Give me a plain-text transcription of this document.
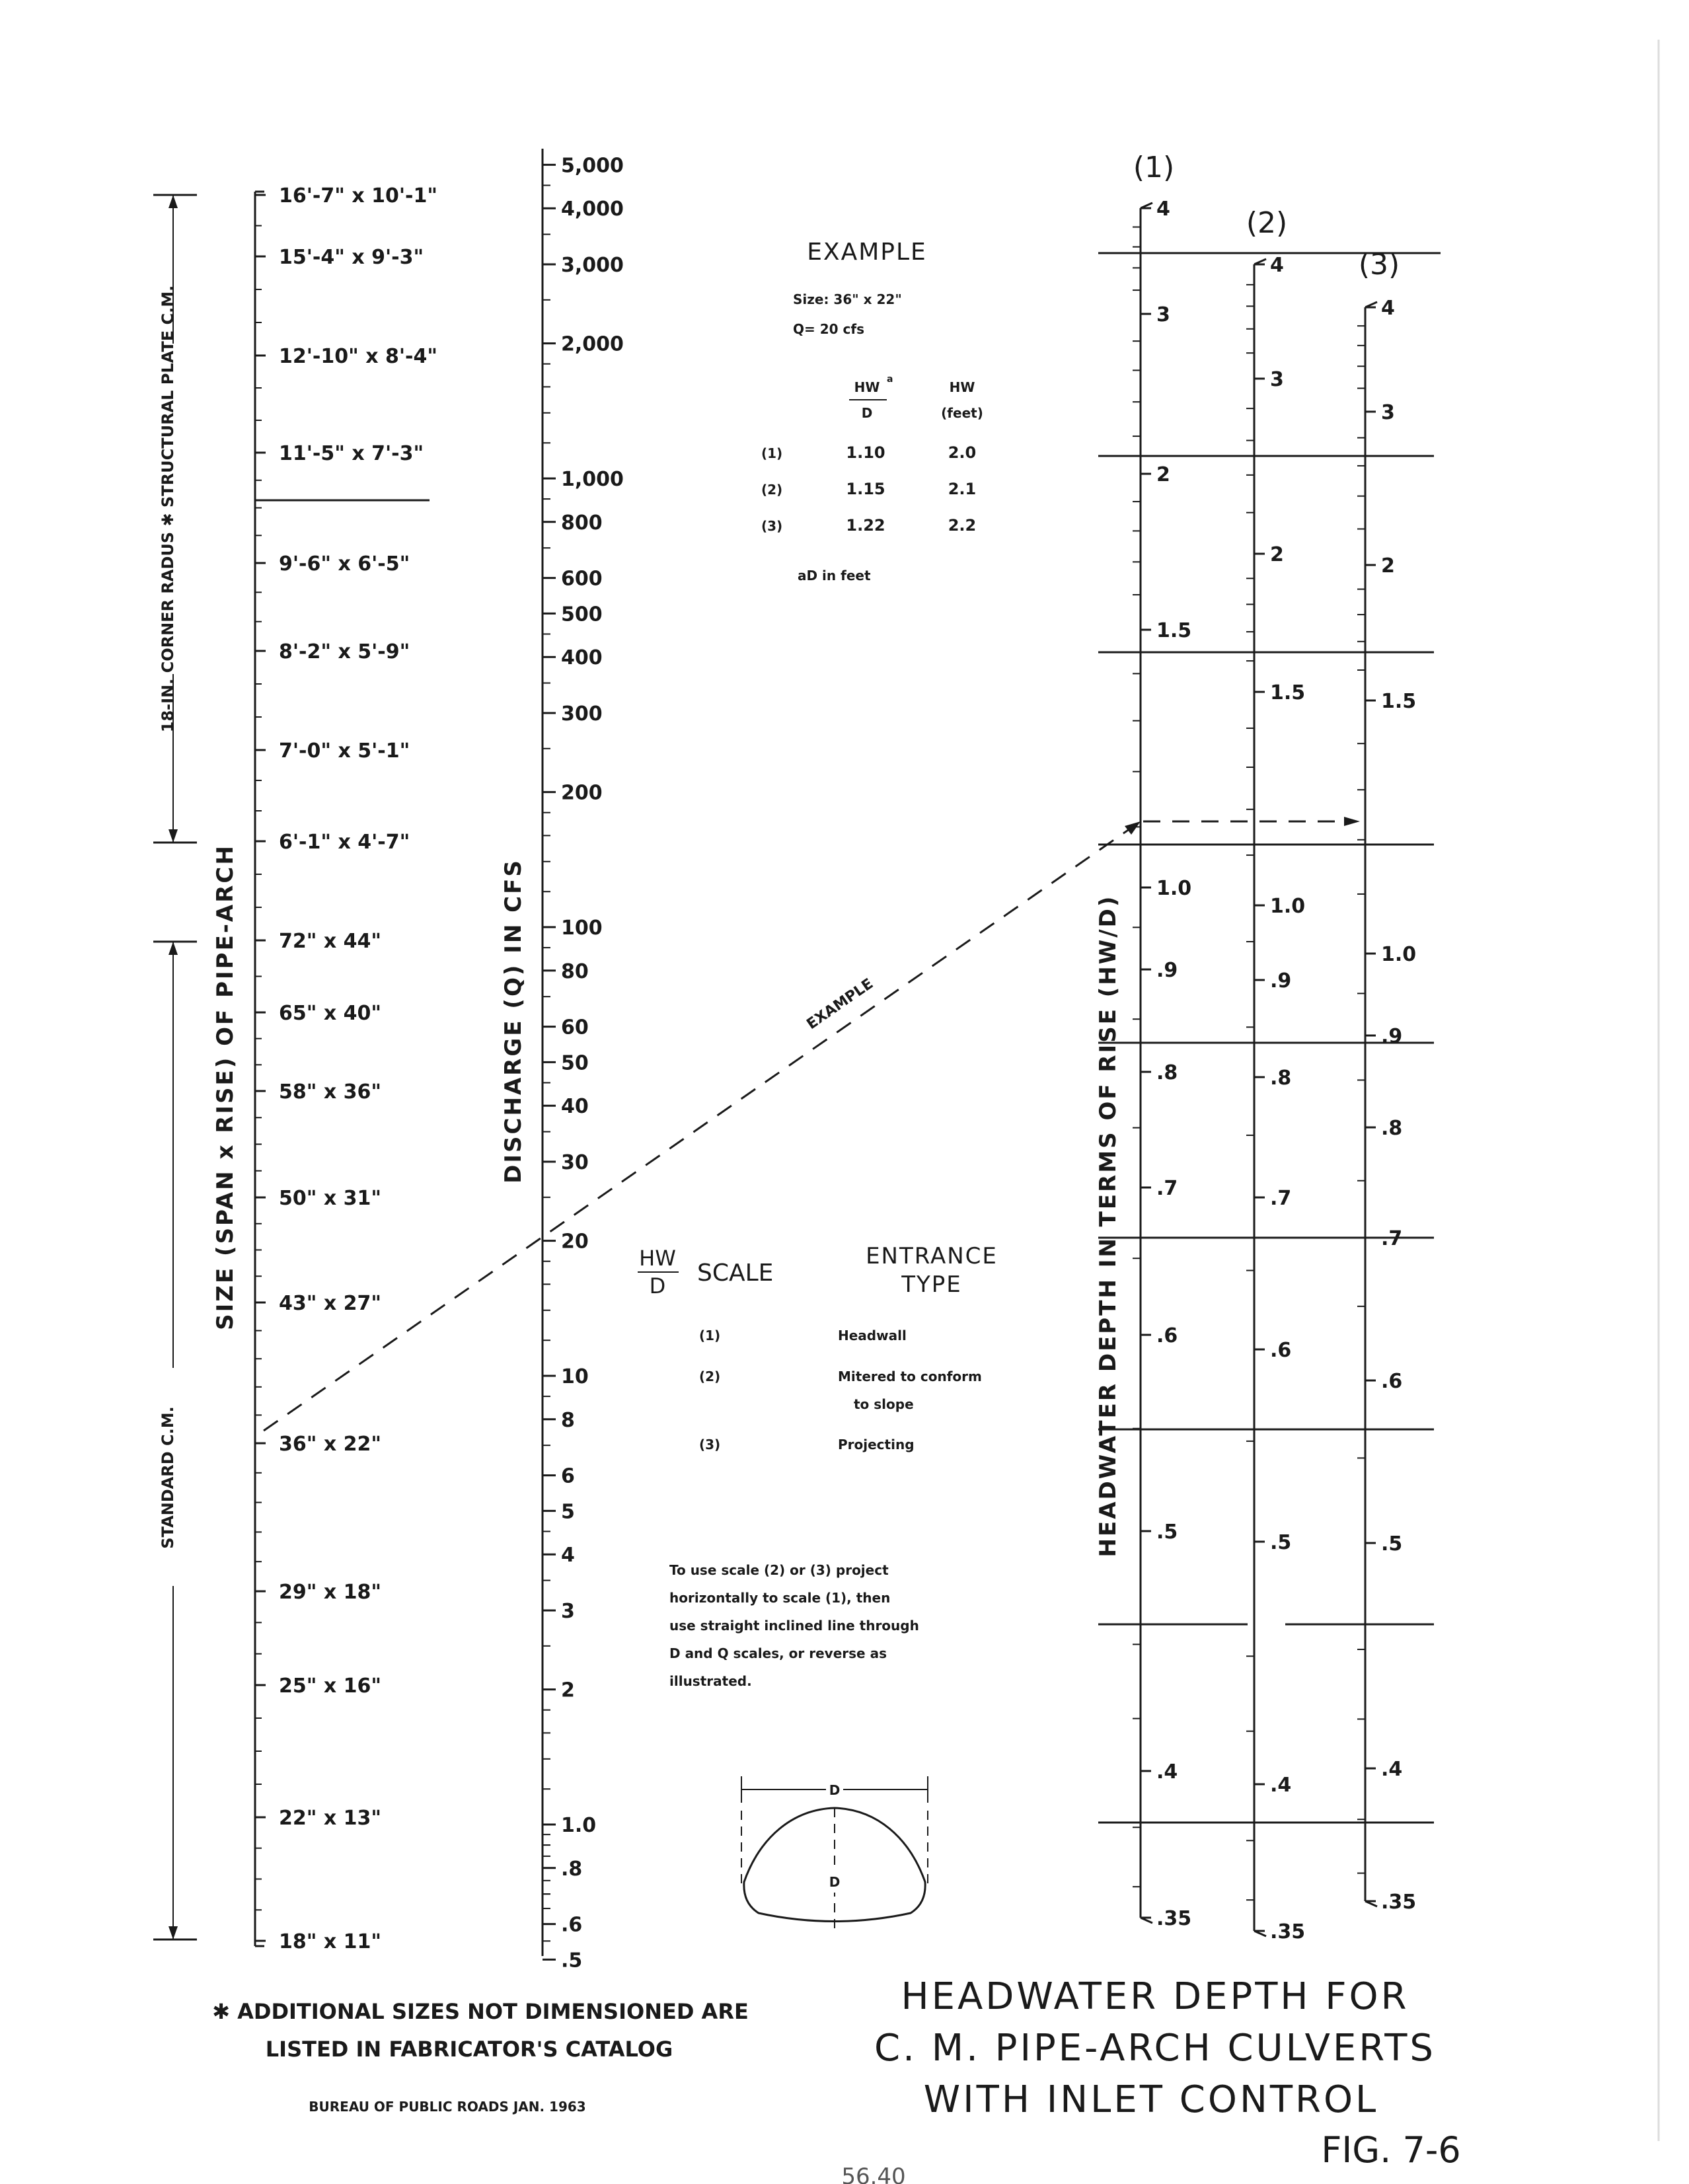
16'-7" x 10'-1"
15'-4" x 9'-3"
12'-10" x 8'-4"
11'-5" x 7'-3"
9'-6" x 6'-5"
8'-2" x 5'-9"
7'-0" x 5'-1"
6'-1" x 4'-7"
72" x 44"
65" x 40"
58" x 36"
50" x 31"
43" x 27"
36" x 22"
29" x 18"
25" x 16"
22" x 13"
18" x 11"
SIZE (SPAN x RISE) OF PIPE-ARCH
18-IN. CORNER RADUS ✱ STRUCTURAL PLATE C.M.
STANDARD C.M.
5,000
4,000
3,000
2,000
1,000
800
600
500
400
300
200
100
80
60
50
40
30
20
10
8
6
5
4
3
2
1.0
.8
.6
.5
DISCHARGE (Q) IN CFS
4
3
2
1.5
1.0
.9
.8
.7
.6
.5
.4
.35
4
3
2
1.5
1.0
.9
.8
.7
.6
.5
.4
.35
4
3
2
1.5
1.0
.9
.8
.7
.6
.5
.4
.35
(1)
(2)
(3)
HEADWATER DEPTH IN TERMS OF RISE (HW/D)
EXAMPLE
EXAMPLE
Size: 36" x 22"
Q= 20 cfs
HW a
D
HW
(feet)
(1)	1.10	2.0
(2)	1.15	2.1
(3)	1.22	2.2
aD in feet
HW
D SCALE
ENTRANCE
TYPE
(1)	Headwall
(2)	Mitered to conform
to slope
(3)	Projecting
To use scale (2) or (3) project
horizontally to scale (1), then
use straight inclined line through
D and Q scales, or reverse as
illustrated.
D
D
✱ ADDITIONAL SIZES NOT DIMENSIONED ARE
LISTED IN FABRICATOR'S CATALOG
BUREAU OF PUBLIC ROADS JAN. 1963
HEADWATER DEPTH FOR
C. M. PIPE-ARCH CULVERTS
WITH INLET CONTROL
FIG. 7-6
56.40
